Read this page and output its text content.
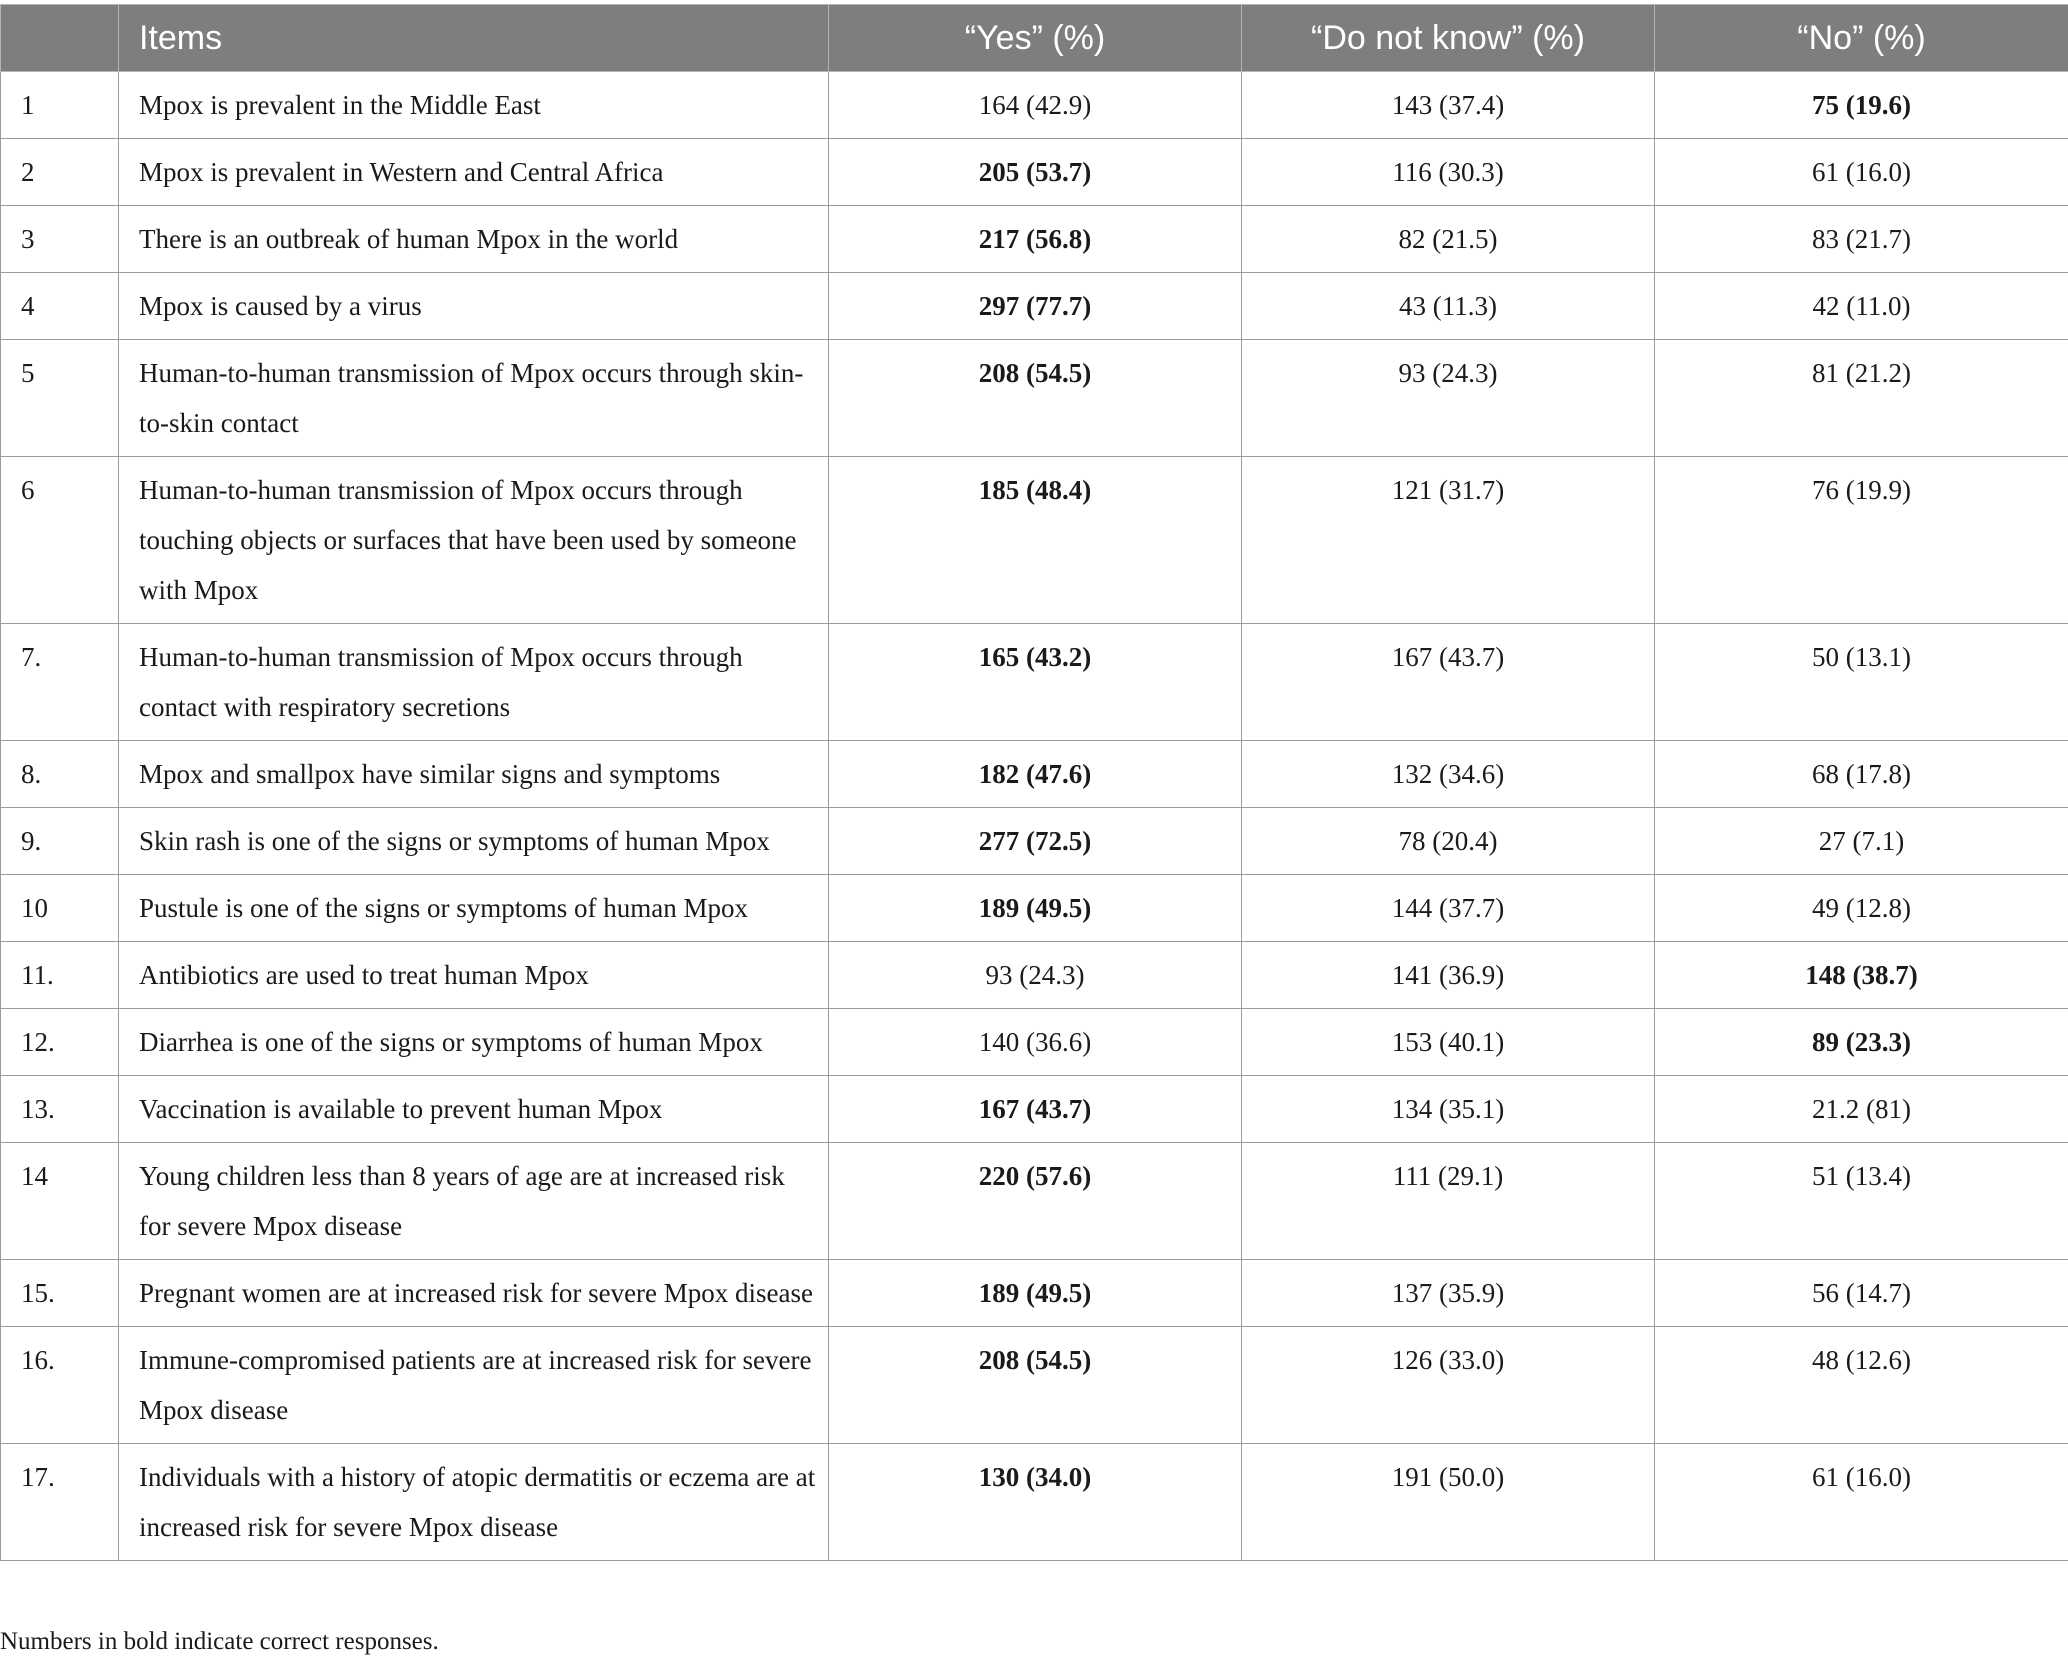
	Items	“Yes” (%)	“Do not know” (%)	“No” (%)
1	Mpox is prevalent in the Middle East	164 (42.9)	143 (37.4)	75 (19.6)
2	Mpox is prevalent in Western and Central Africa	205 (53.7)	116 (30.3)	61 (16.0)
3	There is an outbreak of human Mpox in the world	217 (56.8)	82 (21.5)	83 (21.7)
4	Mpox is caused by a virus	297 (77.7)	43 (11.3)	42 (11.0)
5	Human-to-human transmission of Mpox occurs through skin-to-skin contact	208 (54.5)	93 (24.3)	81 (21.2)
6	Human-to-human transmission of Mpox occurs through touching objects or surfaces that have been used by someone with Mpox	185 (48.4)	121 (31.7)	76 (19.9)
7.	Human-to-human transmission of Mpox occurs through contact with respiratory secretions	165 (43.2)	167 (43.7)	50 (13.1)
8.	Mpox and smallpox have similar signs and symptoms	182 (47.6)	132 (34.6)	68 (17.8)
9.	Skin rash is one of the signs or symptoms of human Mpox	277 (72.5)	78 (20.4)	27 (7.1)
10	Pustule is one of the signs or symptoms of human Mpox	189 (49.5)	144 (37.7)	49 (12.8)
11.	Antibiotics are used to treat human Mpox	93 (24.3)	141 (36.9)	148 (38.7)
12.	Diarrhea is one of the signs or symptoms of human Mpox	140 (36.6)	153 (40.1)	89 (23.3)
13.	Vaccination is available to prevent human Mpox	167 (43.7)	134 (35.1)	21.2 (81)
14	Young children less than 8 years of age are at increased risk for severe Mpox disease	220 (57.6)	111 (29.1)	51 (13.4)
15.	Pregnant women are at increased risk for severe Mpox disease	189 (49.5)	137 (35.9)	56 (14.7)
16.	Immune-compromised patients are at increased risk for severe Mpox disease	208 (54.5)	126 (33.0)	48 (12.6)
17.	Individuals with a history of atopic dermatitis or eczema are at increased risk for severe Mpox disease	130 (34.0)	191 (50.0)	61 (16.0)
Numbers in bold indicate correct responses.
